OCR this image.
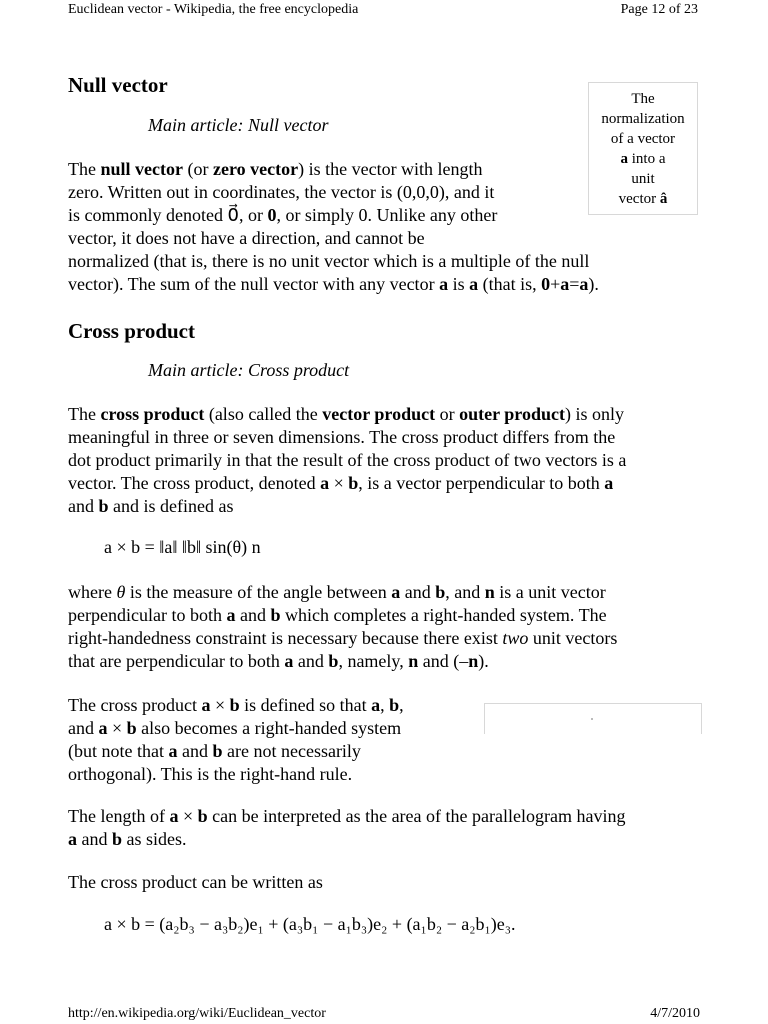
Euclidean vector - Wikipedia, the free encyclopedia	Page 12 of 23
Null vector
Main article: Null vector
The
normalization
of a vector
a into a
unit
vector â
The null vector (or zero vector) is the vector with length
zero. Written out in coordinates, the vector is (0,0,0), and it
is commonly denoted 0⃗, or 0, or simply 0. Unlike any other
vector, it does not have a direction, and cannot be
normalized (that is, there is no unit vector which is a multiple of the null
vector). The sum of the null vector with any vector a is a (that is, 0+a=a).
Cross product
Main article: Cross product
The cross product (also called the vector product or outer product) is only
meaningful in three or seven dimensions. The cross product differs from the
dot product primarily in that the result of the cross product of two vectors is a
vector. The cross product, denoted a × b, is a vector perpendicular to both a
and b and is defined as
a × b = ‖a‖ ‖b‖ sin(θ) n
where θ is the measure of the angle between a and b, and n is a unit vector
perpendicular to both a and b which completes a right-handed system. The
right-handedness constraint is necessary because there exist two unit vectors
that are perpendicular to both a and b, namely, n and (–n).
The cross product a × b is defined so that a, b,
and a × b also becomes a right-handed system
(but note that a and b are not necessarily
orthogonal). This is the right-hand rule.
The length of a × b can be interpreted as the area of the parallelogram having
a and b as sides.
The cross product can be written as
a × b = (a₂b₃ − a₃b₂)e₁ + (a₃b₁ − a₁b₃)e₂ + (a₁b₂ − a₂b₁)e₃.
http://en.wikipedia.org/wiki/Euclidean_vector	4/7/2010
